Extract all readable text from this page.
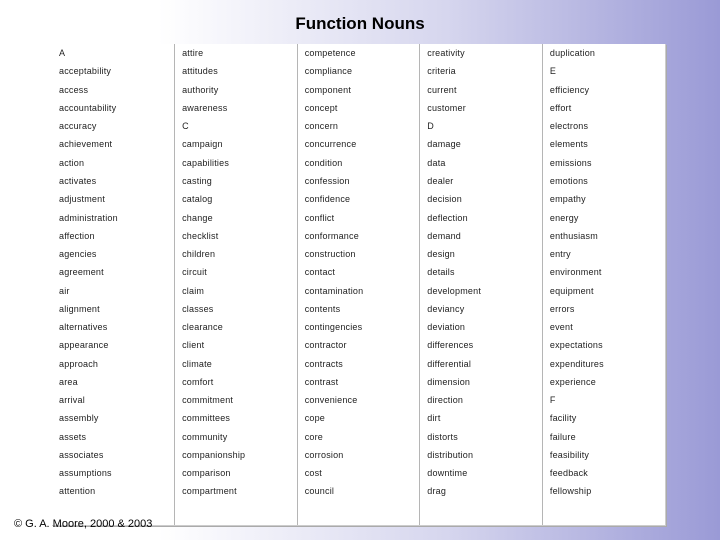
Function Nouns
A	attire	competence	creativity	duplication
acceptability	attitudes	compliance	criteria	E
access	authority	component	current	efficiency
accountability	awareness	concept	customer	effort
accuracy	C	concern	D	electrons
achievement	campaign	concurrence	damage	elements
action	capabilities	condition	data	emissions
activates	casting	confession	dealer	emotions
adjustment	catalog	confidence	decision	empathy
administration	change	conflict	deflection	energy
affection	checklist	conformance	demand	enthusiasm
agencies	children	construction	design	entry
agreement	circuit	contact	details	environment
air	claim	contamination	development	equipment
alignment	classes	contents	deviancy	errors
alternatives	clearance	contingencies	deviation	event
appearance	client	contractor	differences	expectations
approach	climate	contracts	differential	expenditures
area	comfort	contrast	dimension	experience
arrival	commitment	convenience	direction	F
assembly	committees	cope	dirt	facility
assets	community	core	distorts	failure
associates	companionship	corrosion	distribution	feasibility
assumptions	comparison	cost	downtime	feedback
attention	compartment	council	drag	fellowship
© G. A. Moore, 2000 & 2003
